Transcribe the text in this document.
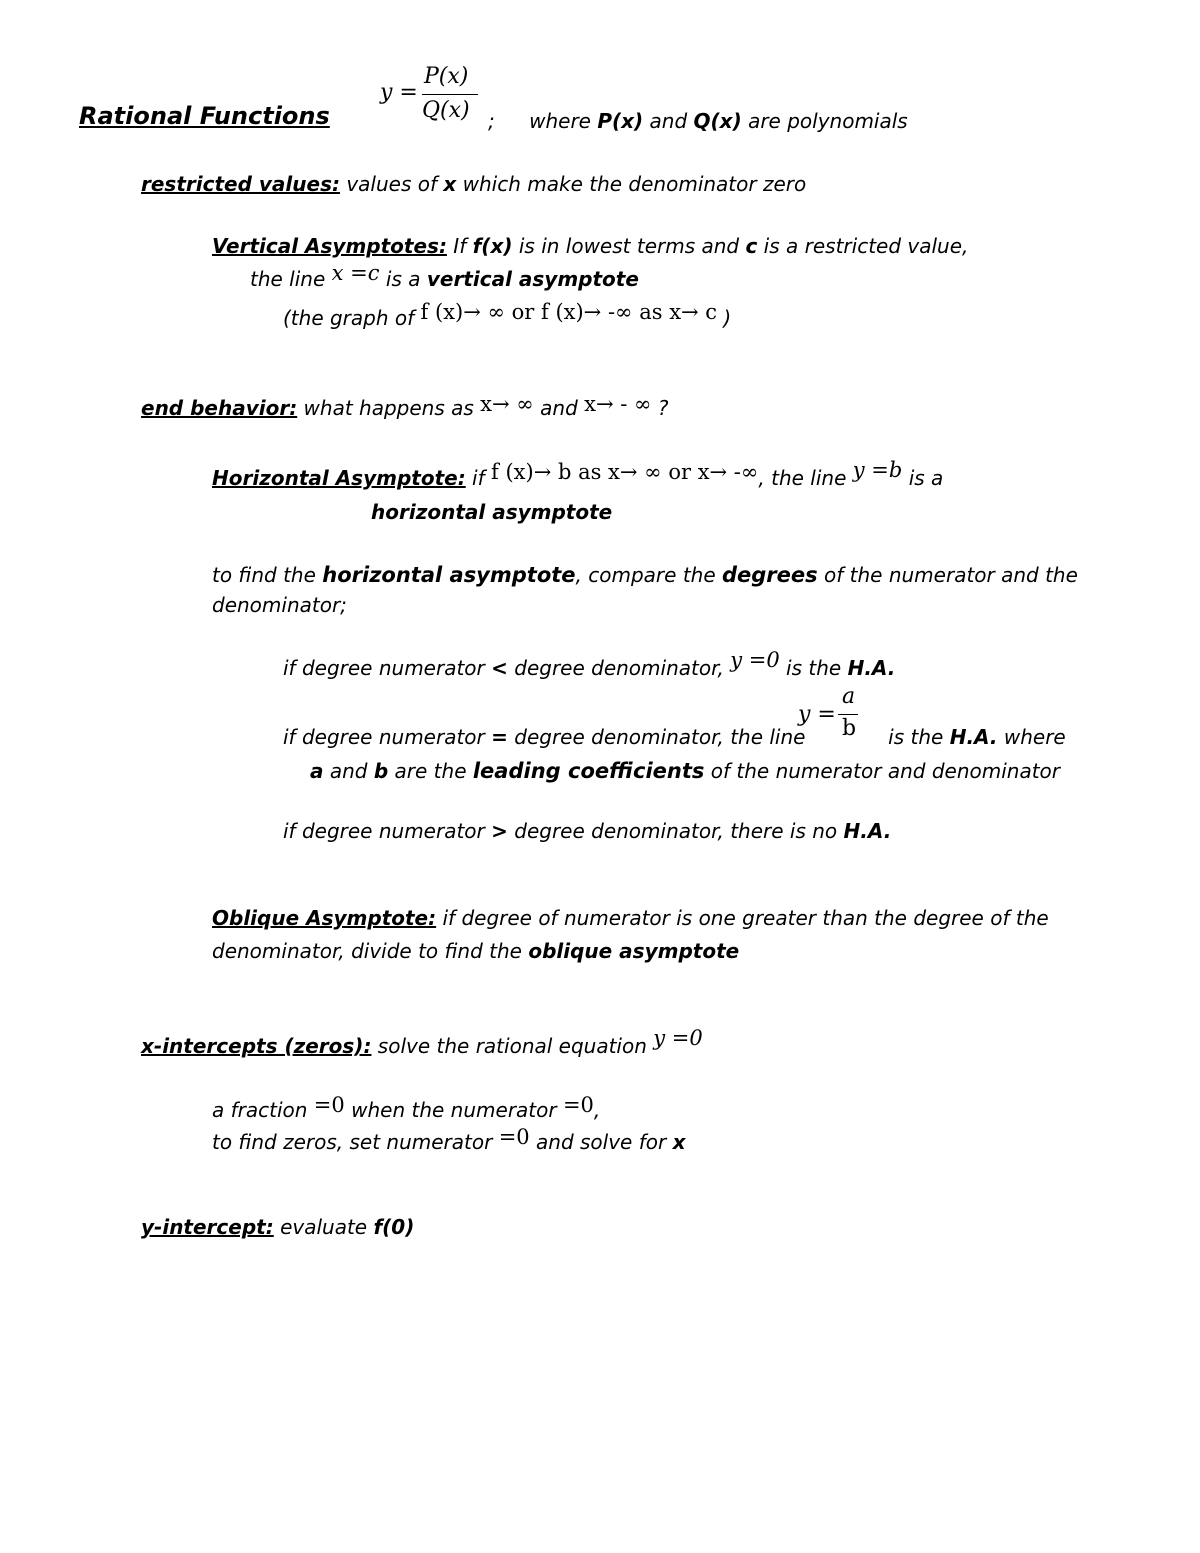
Rational Functions
y =
P(x)
Q(x) ; where P(x) and Q(x) are polynomials
restricted values: values of x which make the denominator zero
Vertical Asymptotes: If f(x) is in lowest terms and c is a restricted value,
the line x =c is a vertical asymptote
(the graph of f (x)→ ∞ or f (x)→ -∞ as x→ c )
end behavior: what happens as x→ ∞ and x→ - ∞ ?
Horizontal Asymptote: if f (x)→ b as x→ ∞ or x→ -∞, the line y =b is a
horizontal asymptote
to find the horizontal asymptote, compare the degrees of the numerator and the
denominator;
if degree numerator < degree denominator, y =0 is the H.A.
if degree numerator = degree denominator, the line	is the H.A. where
y =
a
b
a and b are the leading coefficients of the numerator and denominator
if degree numerator > degree denominator, there is no H.A.
Oblique Asymptote: if degree of numerator is one greater than the degree of the
denominator, divide to find the oblique asymptote
x-intercepts (zeros): solve the rational equation y =0
a fraction =0 when the numerator =0,
to find zeros, set numerator =0 and solve for x
y-intercept: evaluate f(0)
